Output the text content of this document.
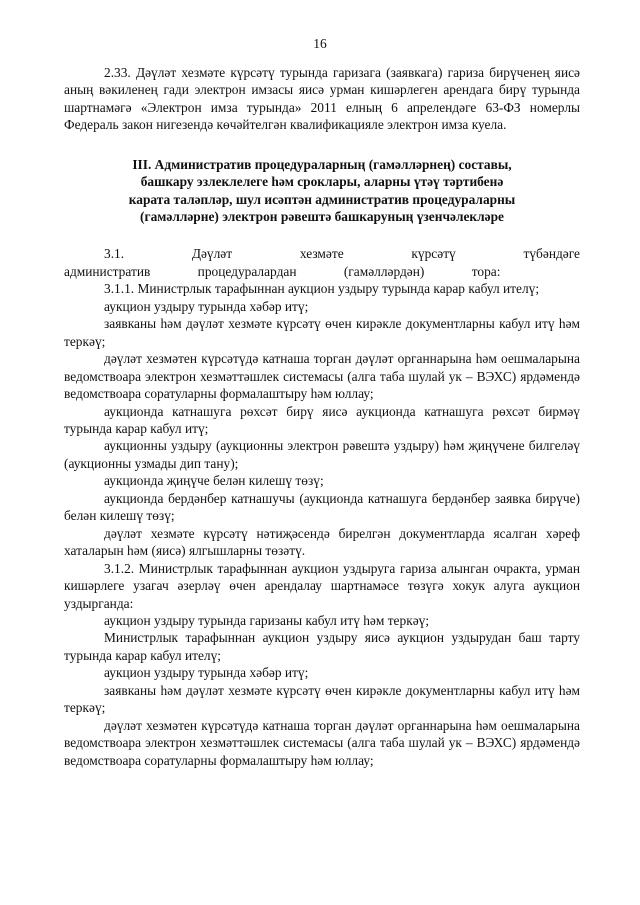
16

2.33. Дәүләт хезмәте күрсәтү турында гаризага (заявкага) гариза бирүченең яисә аның вәкиленең гади электрон имзасы яисә урман кишәрлеген арендага бирү турында шартнамәгә «Электрон имза турында» 2011 елның 6 апрелендәге 63-ФЗ номерлы Федераль закон нигезендә көчәйтелгән квалификацияле электрон имза куела.

III. Административ процедураларның (гамәлләрнең) составы,
башкару эзлеклелеге һәм сроклары, аларны үтәү тәртибенә
карата таләпләр, шул исәптән административ процедураларны
(гамәлләрне) электрон рәвештә башкаруның үзенчәлекләре

3.1. Дәүләт хезмәте күрсәтү түбәндәге административ процедуралардан (гамәлләрдән) тора:

3.1.1. Министрлык тарафыннан аукцион уздыру турында карар кабул ителү;

аукцион уздыру турында хәбәр итү;

заявканы һәм дәүләт хезмәте күрсәтү өчен кирәкле документларны кабул итү һәм теркәү;

дәүләт хезмәтен күрсәтүдә катнаша торган дәүләт органнарына һәм оешмаларына ведомствоара электрон хезмәттәшлек системасы (алга таба шулай ук – ВЭХС) ярдәмендә ведомствоара соратуларны формалаштыру һәм юллау;

аукционда катнашуга рөхсәт бирү яисә аукционда катнашуга рөхсәт бирмәү турында карар кабул итү;

аукционны уздыру (аукционны электрон рәвештә уздыру) һәм җиңүчене билгеләү (аукционны узмады дип тану);

аукционда җиңүче белән килешү төзү;

аукционда бердәнбер катнашучы (аукционда катнашуга бердәнбер заявка бирүче) белән килешү төзү;

дәүләт хезмәте күрсәтү нәтиҗәсендә бирелгән документларда ясалган хәреф хаталарын һәм (яисә) ялгышларны төзәтү.

3.1.2. Министрлык тарафыннан аукцион уздыруга гариза алынган очракта, урман кишәрлеге узагач әзерләү өчен арендалау шартнамәсе төзүгә хокук алуга аукцион уздырганда:

аукцион уздыру турында гаризаны кабул итү һәм теркәү;

Министрлык тарафыннан аукцион уздыру яисә аукцион уздырудан баш тарту турында карар кабул ителү;

аукцион уздыру турында хәбәр итү;

заявканы һәм дәүләт хезмәте күрсәтү өчен кирәкле документларны кабул итү һәм теркәү;

дәүләт хезмәтен күрсәтүдә катнаша торган дәүләт органнарына һәм оешмаларына ведомствоара электрон хезмәттәшлек системасы (алга таба шулай ук – ВЭХС) ярдәмендә ведомствоара соратуларны формалаштыру һәм юллау;
